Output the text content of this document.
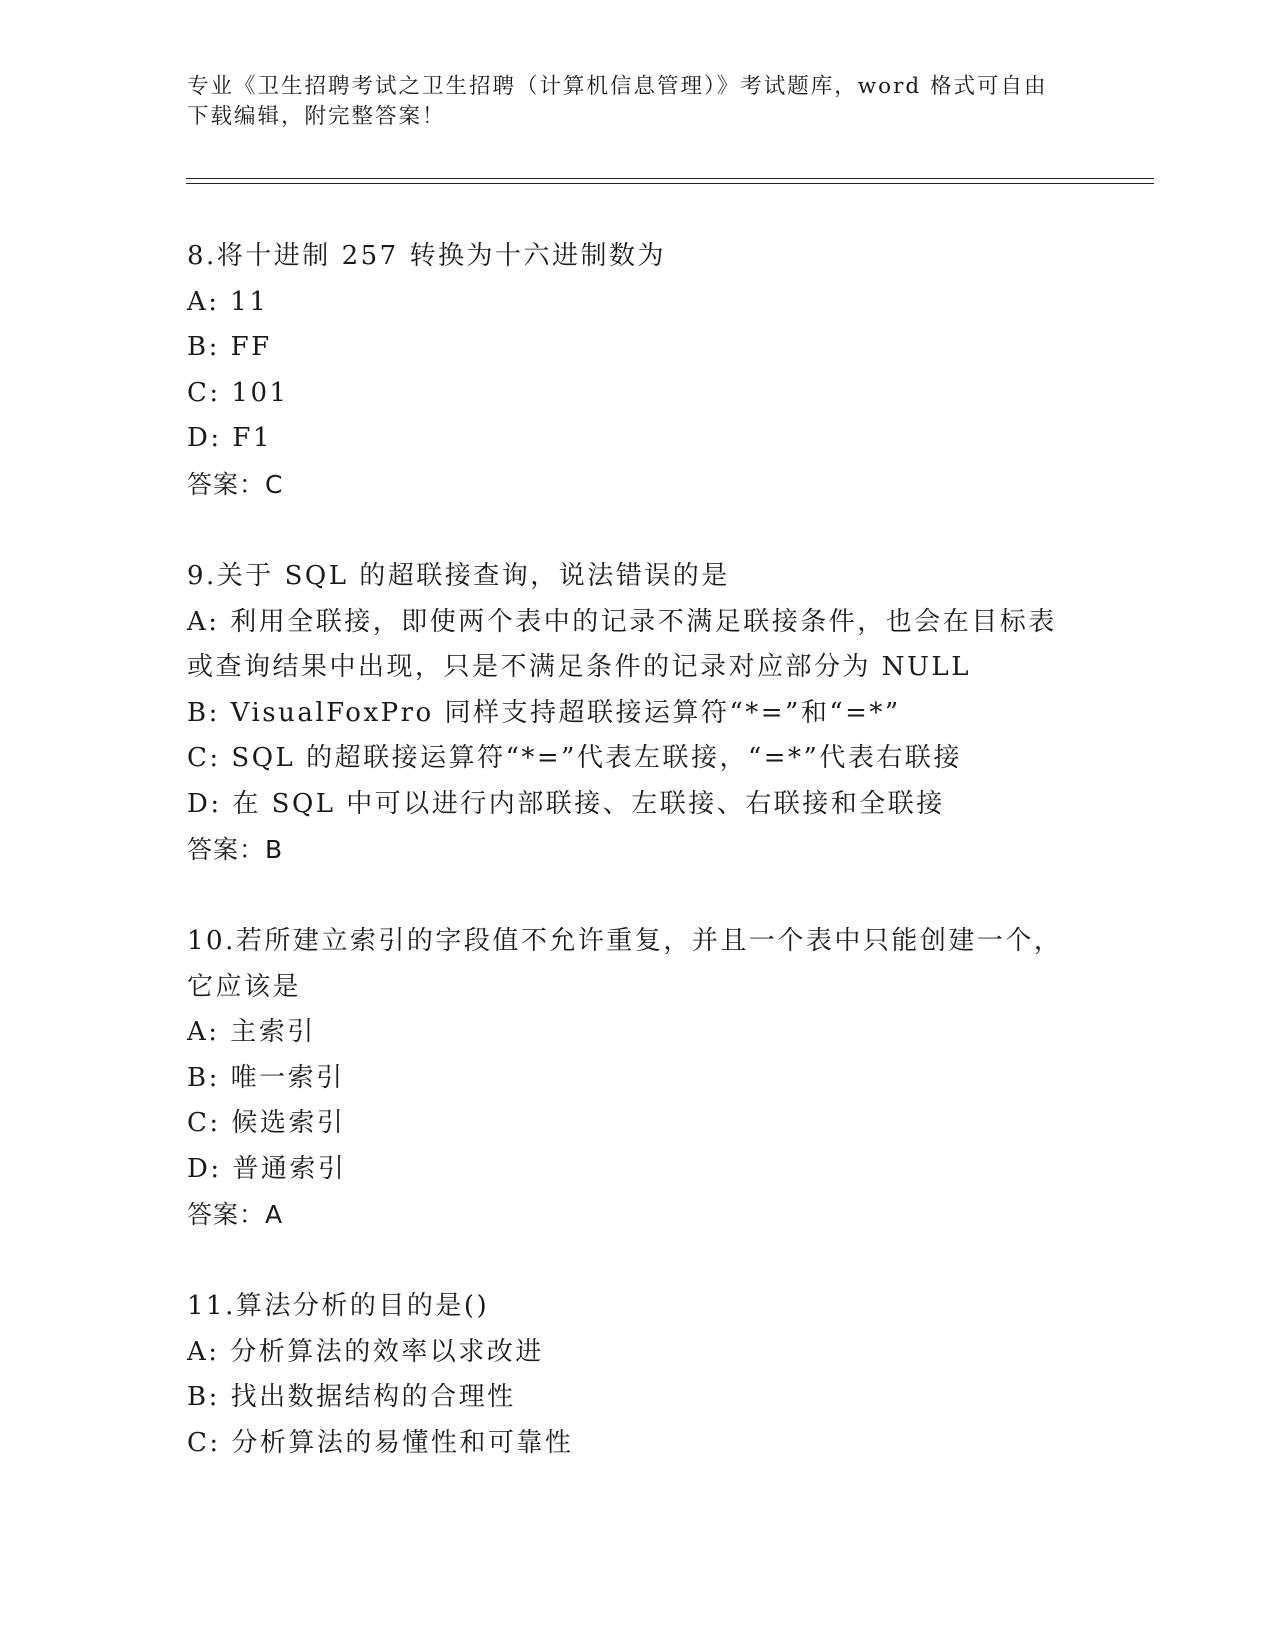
专业《卫生招聘考试之卫生招聘（计算机信息管理）》考试题库，word 格式可自由下载编辑，附完整答案！
8.将十进制 257 转换为十六进制数为
A: 11
B: FF
C: 101
D: F1
答案：C
9.关于 SQL 的超联接查询，说法错误的是
A: 利用全联接，即使两个表中的记录不满足联接条件，也会在目标表
或查询结果中出现，只是不满足条件的记录对应部分为 NULL
B: VisualFoxPro 同样支持超联接运算符“*=”和“=*”
C: SQL 的超联接运算符“*=”代表左联接，“=*”代表右联接
D: 在 SQL 中可以进行内部联接、左联接、右联接和全联接
答案：B
10.若所建立索引的字段值不允许重复，并且一个表中只能创建一个，
它应该是
A: 主索引
B: 唯一索引
C: 候选索引
D: 普通索引
答案：A
11.算法分析的目的是()
A: 分析算法的效率以求改进
B: 找出数据结构的合理性
C: 分析算法的易懂性和可靠性
